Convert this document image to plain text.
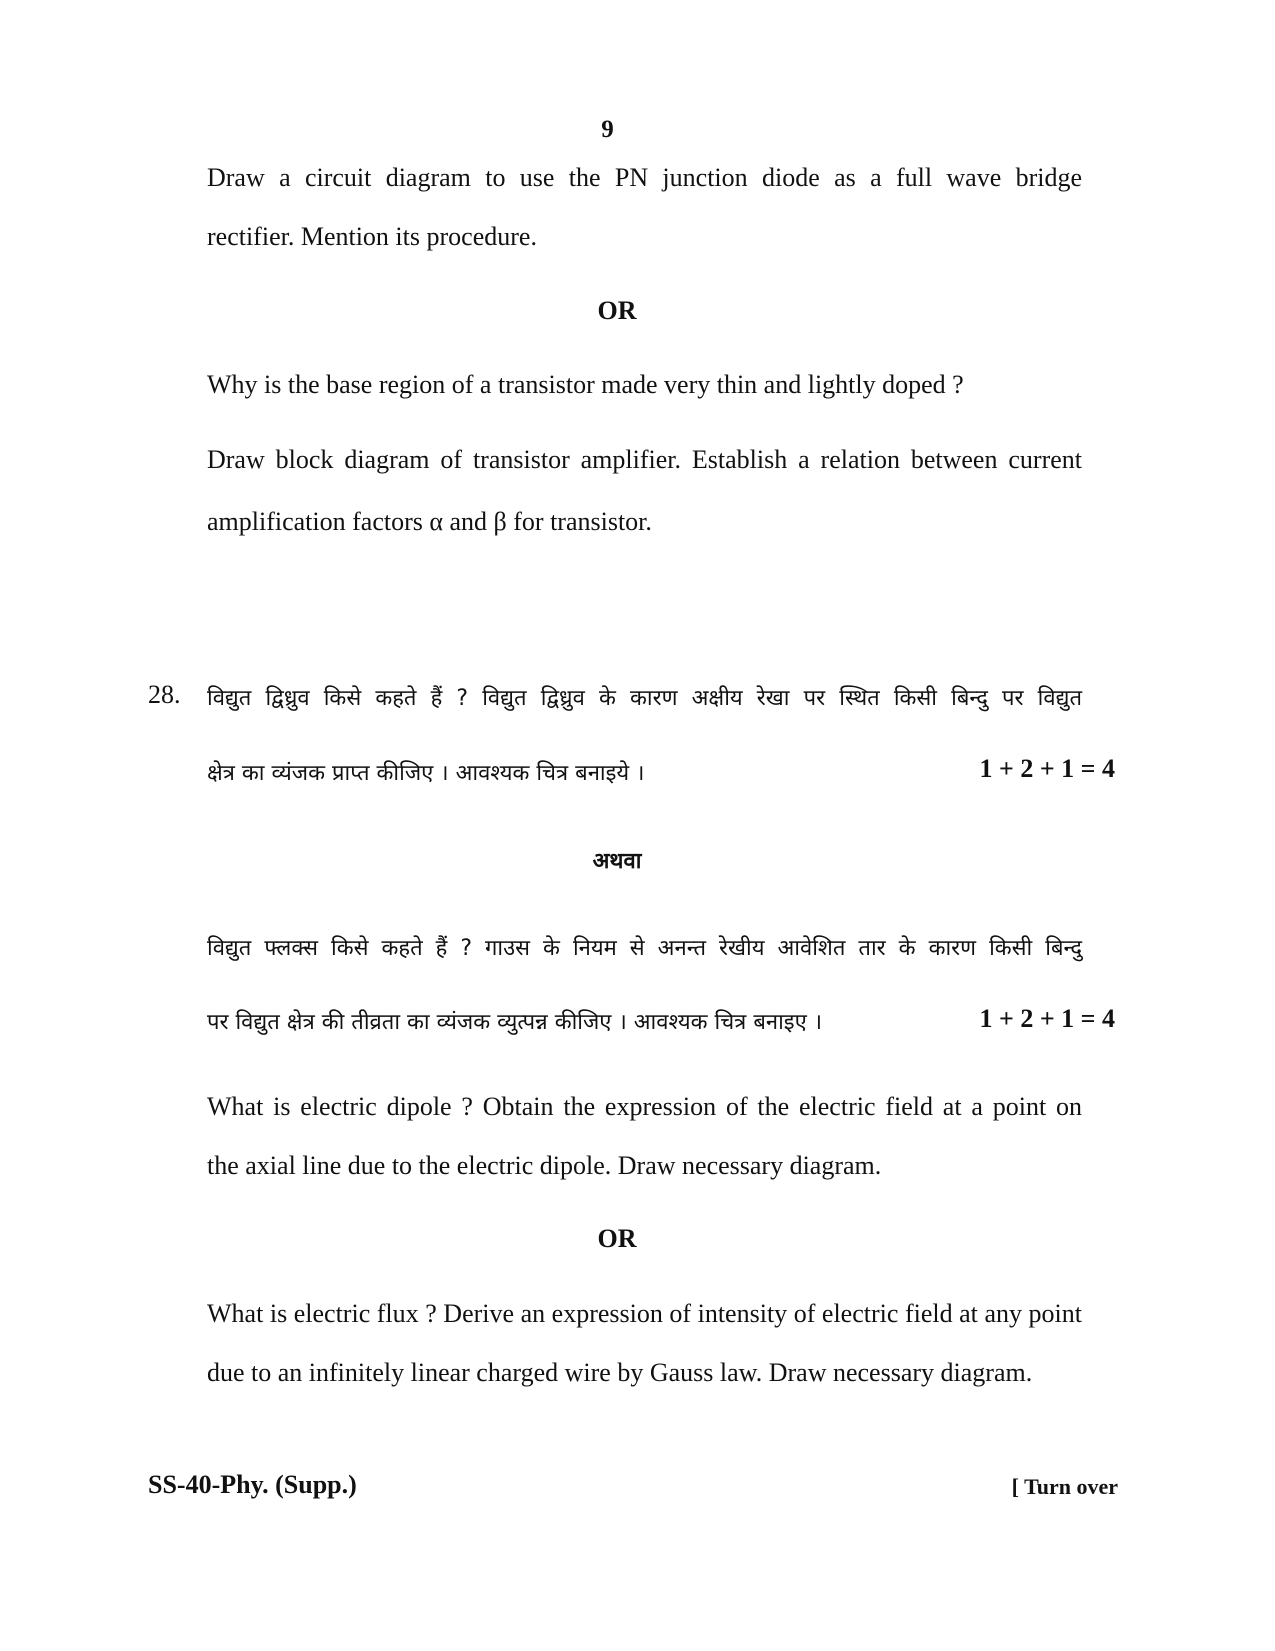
9
Draw a circuit diagram to use the PN junction diode as a full wave bridge
rectifier. Mention its procedure.
OR
Why is the base region of a transistor made very thin and lightly doped ?
Draw block diagram of transistor amplifier. Establish a relation between current
amplification factors α and β for transistor.
28. विद्युत द्विध्रुव किसे कहते हैं ? विद्युत द्विध्रुव के कारण अक्षीय रेखा पर स्थित किसी बिन्दु पर विद्युत
क्षेत्र का व्यंजक प्राप्त कीजिए । आवश्यक चित्र बनाइये ।	1 + 2 + 1 = 4
अथवा
विद्युत फ्लक्स किसे कहते हैं ? गाउस के नियम से अनन्त रेखीय आवेशित तार के कारण किसी बिन्दु
पर विद्युत क्षेत्र की तीव्रता का व्यंजक व्युत्पन्न कीजिए । आवश्यक चित्र बनाइए ।	1 + 2 + 1 = 4
What is electric dipole ? Obtain the expression of the electric field at a point on
the axial line due to the electric dipole. Draw necessary diagram.
OR
What is electric flux ? Derive an expression of intensity of electric field at any point
due to an infinitely linear charged wire by Gauss law. Draw necessary diagram.
SS-40-Phy. (Supp.)	[ Turn over
